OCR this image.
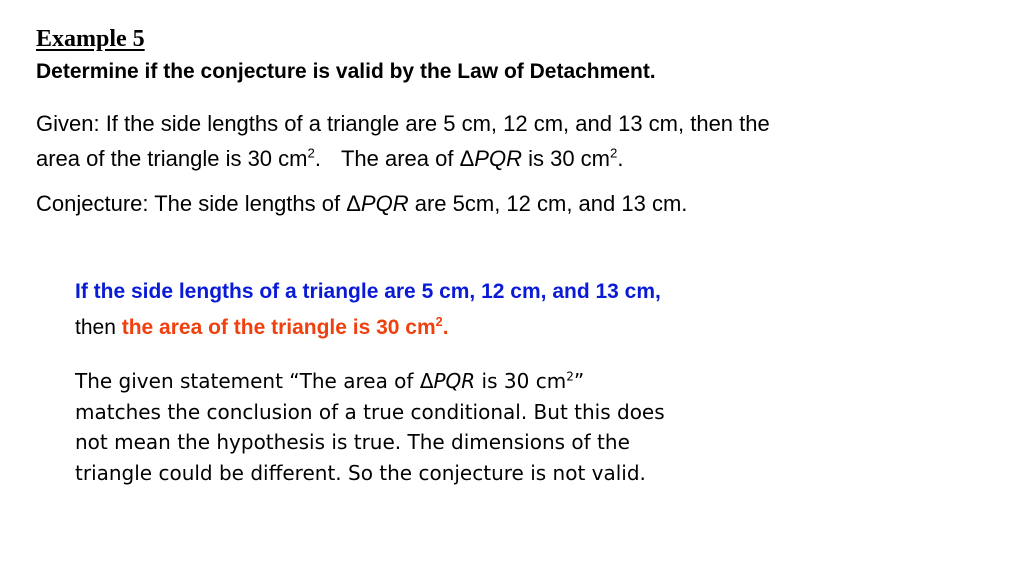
Example 5
Determine if the conjecture is valid by the Law of Detachment.
Given: If the side lengths of a triangle are 5 cm, 12 cm, and 13 cm, then the
area of the triangle is 30 $cm^2$. The area of ΔPQR is 30 $cm^2$.
Conjecture: The side lengths of ΔPQR are 5cm, 12 cm, and 13 cm.
If the side lengths of a triangle are 5 cm, 12 cm, and 13 cm,
then the area of the triangle is 30 $cm^2$.
The given statement “The area of ΔPQR is 30 $cm^2$”
matches the conclusion of a true conditional. But this does
not mean the hypothesis is true. The dimensions of the
triangle could be different. So the conjecture is not valid.
